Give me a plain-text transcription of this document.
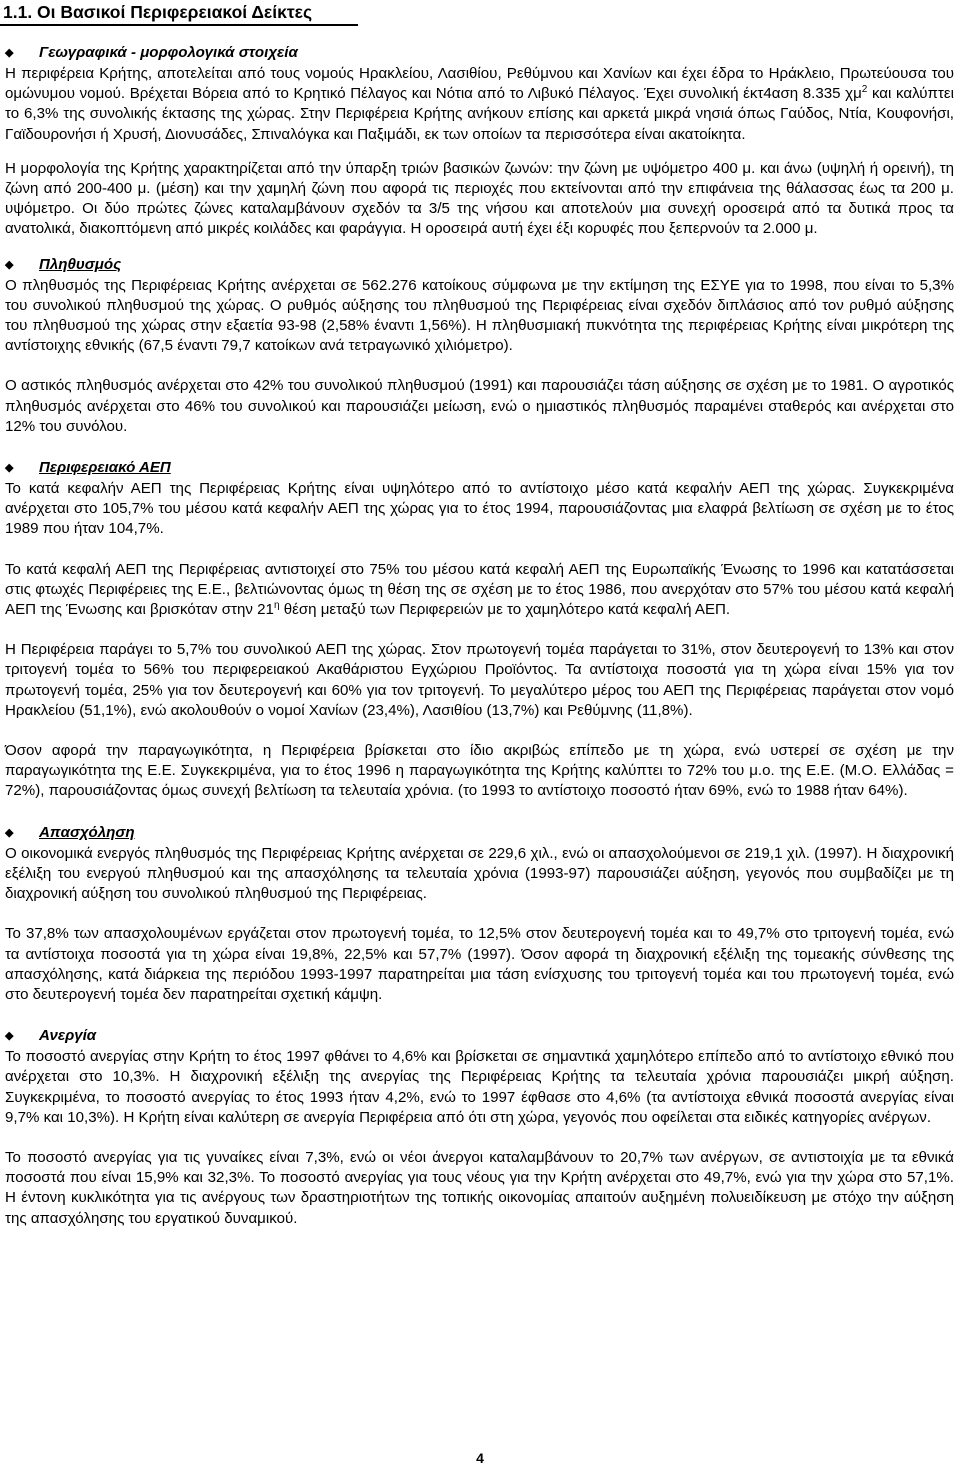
1.1. Οι Βασικοί Περιφερειακοί Δείκτες
◆	Γεωγραφικά - μορφολογικά στοιχεία

Η περιφέρεια Κρήτης, αποτελείται από τους νομούς Ηρακλείου, Λασιθίου, Ρεθύμνου και Χανίων και έχει έδρα το Ηράκλειο, Πρωτεύουσα του ομώνυμου νομού. Βρέχεται Βόρεια από το Κρητικό Πέλαγος και Νότια από το Λιβυκό Πέλαγος. Έχει συνολική έκτ4αση 8.335 $\chi\mu^2$ και καλύπτει το 6,3% της συνολικής έκτασης της χώρας. Στην Περιφέρεια Κρήτης ανήκουν επίσης και αρκετά μικρά νησιά όπως Γαύδος, Ντία, Κουφονήσι, Γαϊδουρονήσι ή Χρυσή, Διονυσάδες, Σπιναλόγκα και Παξιμάδι, εκ των οποίων τα περισσότερα είναι ακατοίκητα.

Η μορφολογία της Κρήτης χαρακτηρίζεται από την ύπαρξη τριών βασικών ζωνών: την ζώνη με υψόμετρο 400 μ. και άνω (υψηλή ή ορεινή), τη ζώνη από 200-400 μ. (μέση) και την χαμηλή ζώνη που αφορά τις περιοχές που εκτείνονται από την επιφάνεια της θάλασσας έως τα 200 μ. υψόμετρο. Οι δύο πρώτες ζώνες καταλαμβάνουν σχεδόν τα 3/5 της νήσου και αποτελούν μια συνεχή οροσειρά από τα δυτικά προς τα ανατολικά, διακοπτόμενη από μικρές κοιλάδες και φαράγγια. Η οροσειρά αυτή έχει έξι κορυφές που ξεπερνούν τα 2.000 μ.

◆	Πληθυσμός

Ο πληθυσμός της Περιφέρειας Κρήτης ανέρχεται σε 562.276 κατοίκους σύμφωνα με την εκτίμηση της ΕΣΥΕ για το 1998, που είναι το 5,3% του συνολικού πληθυσμού της χώρας. Ο ρυθμός αύξησης του πληθυσμού της Περιφέρειας είναι σχεδόν διπλάσιος από τον ρυθμό αύξησης του πληθυσμού της χώρας στην εξαετία 93-98 (2,58% έναντι 1,56%). Η πληθυσμιακή πυκνότητα της περιφέρειας Κρήτης είναι μικρότερη της αντίστοιχης εθνικής (67,5 έναντι 79,7 κατοίκων ανά τετραγωνικό χιλιόμετρο).

Ο αστικός πληθυσμός ανέρχεται στο 42% του συνολικού πληθυσμού (1991) και παρουσιάζει τάση αύξησης σε σχέση με το 1981. Ο αγροτικός πληθυσμός ανέρχεται στο 46% του συνολικού και παρουσιάζει μείωση, ενώ ο ημιαστικός πληθυσμός παραμένει σταθερός και ανέρχεται στο 12% του συνόλου.

◆	Περιφερειακό ΑΕΠ

Το κατά κεφαλήν ΑΕΠ της Περιφέρειας Κρήτης είναι υψηλότερο από το αντίστοιχο μέσο κατά κεφαλήν ΑΕΠ της χώρας. Συγκεκριμένα ανέρχεται στο 105,7% του μέσου κατά κεφαλήν ΑΕΠ της χώρας για το έτος 1994, παρουσιάζοντας μια ελαφρά βελτίωση σε σχέση με το έτος 1989 που ήταν 104,7%.

Το κατά κεφαλή ΑΕΠ της Περιφέρειας αντιστοιχεί στο 75% του μέσου κατά κεφαλή ΑΕΠ της Ευρωπαϊκής Ένωσης το 1996 και κατατάσσεται στις φτωχές Περιφέρειες της Ε.Ε., βελτιώνοντας όμως τη θέση της σε σχέση με το έτος 1986, που ανερχόταν στο 57% του μέσου κατά κεφαλή ΑΕΠ της Ένωσης και βρισκόταν στην $21^\eta$ θέση μεταξύ των Περιφερειών με το χαμηλότερο κατά κεφαλή ΑΕΠ.

Η Περιφέρεια παράγει το 5,7% του συνολικού ΑΕΠ της χώρας. Στον πρωτογενή τομέα παράγεται το 31%, στον δευτερογενή το 13% και στον τριτογενή τομέα το 56% του περιφερειακού Ακαθάριστου Εγχώριου Προϊόντος. Τα αντίστοιχα ποσοστά για τη χώρα είναι 15% για τον πρωτογενή τομέα, 25% για τον δευτερογενή και 60% για τον τριτογενή. Το μεγαλύτερο μέρος του ΑΕΠ της Περιφέρειας παράγεται στον νομό Ηρακλείου (51,1%), ενώ ακολουθούν ο νομοί Χανίων (23,4%), Λασιθίου (13,7%) και Ρεθύμνης (11,8%).

Όσον αφορά την παραγωγικότητα, η Περιφέρεια βρίσκεται στο ίδιο ακριβώς επίπεδο με τη χώρα, ενώ υστερεί σε σχέση με την παραγωγικότητα της Ε.Ε. Συγκεκριμένα, για το έτος 1996 η παραγωγικότητα της Κρήτης καλύπτει το 72% του μ.ο. της Ε.Ε. (Μ.Ο. Ελλάδας = 72%), παρουσιάζοντας όμως συνεχή βελτίωση τα τελευταία χρόνια. (το 1993 το αντίστοιχο ποσοστό ήταν 69%, ενώ το 1988 ήταν 64%).

◆	Απασχόληση

Ο οικονομικά ενεργός πληθυσμός της Περιφέρειας Κρήτης ανέρχεται σε 229,6 χιλ., ενώ οι απασχολούμενοι σε 219,1 χιλ. (1997). Η διαχρονική εξέλιξη του ενεργού πληθυσμού και της απασχόλησης τα τελευταία χρόνια (1993-97) παρουσιάζει αύξηση, γεγονός που συμβαδίζει με τη διαχρονική αύξηση του συνολικού πληθυσμού της Περιφέρειας.

Το 37,8% των απασχολουμένων εργάζεται στον πρωτογενή τομέα, το 12,5% στον δευτερογενή τομέα και το 49,7% στο τριτογενή τομέα, ενώ τα αντίστοιχα ποσοστά για τη χώρα είναι 19,8%, 22,5% και 57,7% (1997). Όσον αφορά τη διαχρονική εξέλιξη της τομεακής σύνθεσης της απασχόλησης, κατά διάρκεια της περιόδου 1993-1997 παρατηρείται μια τάση ενίσχυσης του τριτογενή τομέα και του πρωτογενή τομέα, ενώ στο δευτερογενή τομέα δεν παρατηρείται σχετική κάμψη.

◆	Ανεργία

Το ποσοστό ανεργίας στην Κρήτη το έτος 1997 φθάνει το 4,6% και βρίσκεται σε σημαντικά χαμηλότερο επίπεδο από το αντίστοιχο εθνικό που ανέρχεται στο 10,3%. Η διαχρονική εξέλιξη της ανεργίας της Περιφέρειας Κρήτης τα τελευταία χρόνια παρουσιάζει μικρή αύξηση. Συγκεκριμένα, το ποσοστό ανεργίας το έτος 1993 ήταν 4,2%, ενώ το 1997 έφθασε στο 4,6% (τα αντίστοιχα εθνικά ποσοστά ανεργίας είναι 9,7% και 10,3%). Η Κρήτη είναι καλύτερη σε ανεργία Περιφέρεια από ότι στη χώρα, γεγονός που οφείλεται στα ειδικές κατηγορίες ανέργων.

Το ποσοστό ανεργίας για τις γυναίκες είναι 7,3%, ενώ οι νέοι άνεργοι καταλαμβάνουν το 20,7% των ανέργων, σε αντιστοιχία με τα εθνικά ποσοστά που είναι 15,9% και 32,3%. Το ποσοστό ανεργίας για τους νέους για την Κρήτη ανέρχεται στο 49,7%, ενώ για την χώρα στο 57,1%. Η έντονη κυκλικότητα για τις ανέργους των δραστηριοτήτων της τοπικής οικονομίας απαιτούν αυξημένη πολυειδίκευση με στόχο την αύξηση της απασχόλησης του εργατικού δυναμικού.

4
